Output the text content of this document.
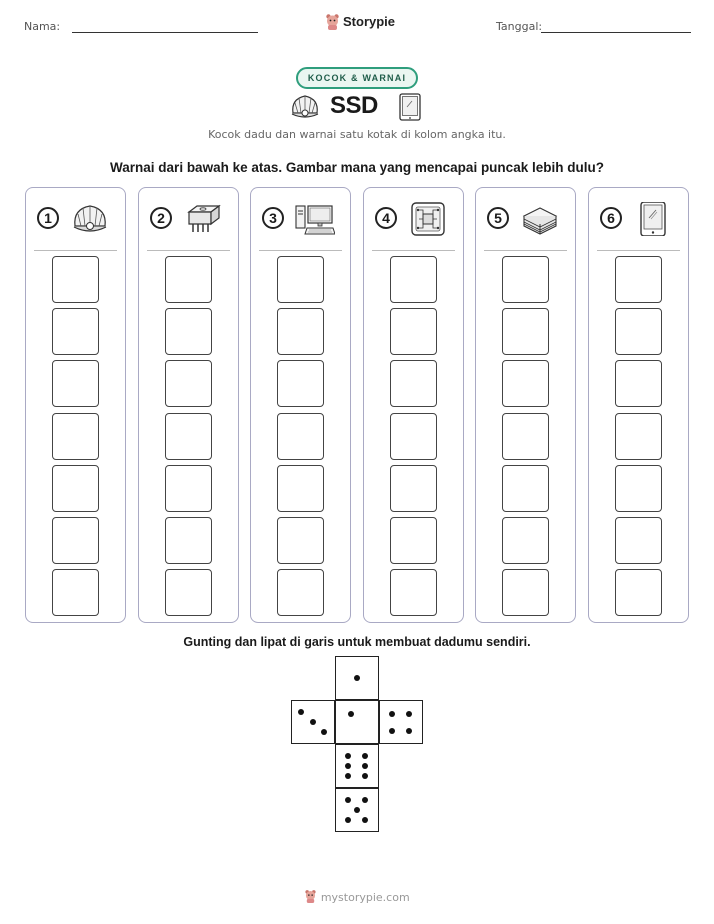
Nama:	Storypie	Tanggal:
KOCOK & WARNAI
SSD
Kocok dadu dan warnai satu kotak di kolom angka itu.
Warnai dari bawah ke atas. Gambar mana yang mencapai puncak lebih dulu?
1	2	3	4	5	6
Gunting dan lipat di garis untuk membuat dadumu sendiri.
mystorypie.com
